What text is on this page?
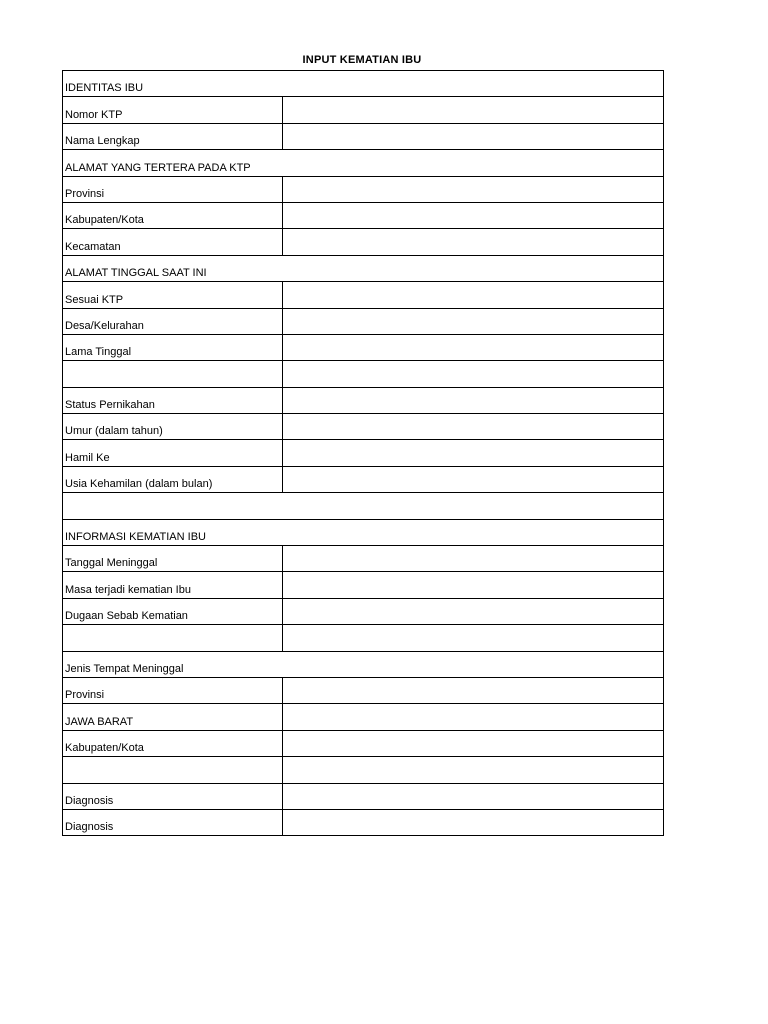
INPUT KEMATIAN IBU
IDENTITAS IBU	
Nomor KTP	
Nama Lengkap	
ALAMAT YANG TERTERA PADA KTP	
Provinsi	
Kabupaten/Kota	
Kecamatan	
ALAMAT TINGGAL SAAT INI	
Sesuai KTP	
Desa/Kelurahan	
Lama Tinggal	

Status Pernikahan	
Umur (dalam tahun)	
Hamil Ke	
Usia Kehamilan (dalam bulan)	

INFORMASI KEMATIAN IBU	
Tanggal Meninggal	
Masa terjadi kematian Ibu	
Dugaan Sebab Kematian	

Jenis Tempat Meninggal	
Provinsi	
JAWA BARAT	
Kabupaten/Kota	

Diagnosis	
Diagnosis	
